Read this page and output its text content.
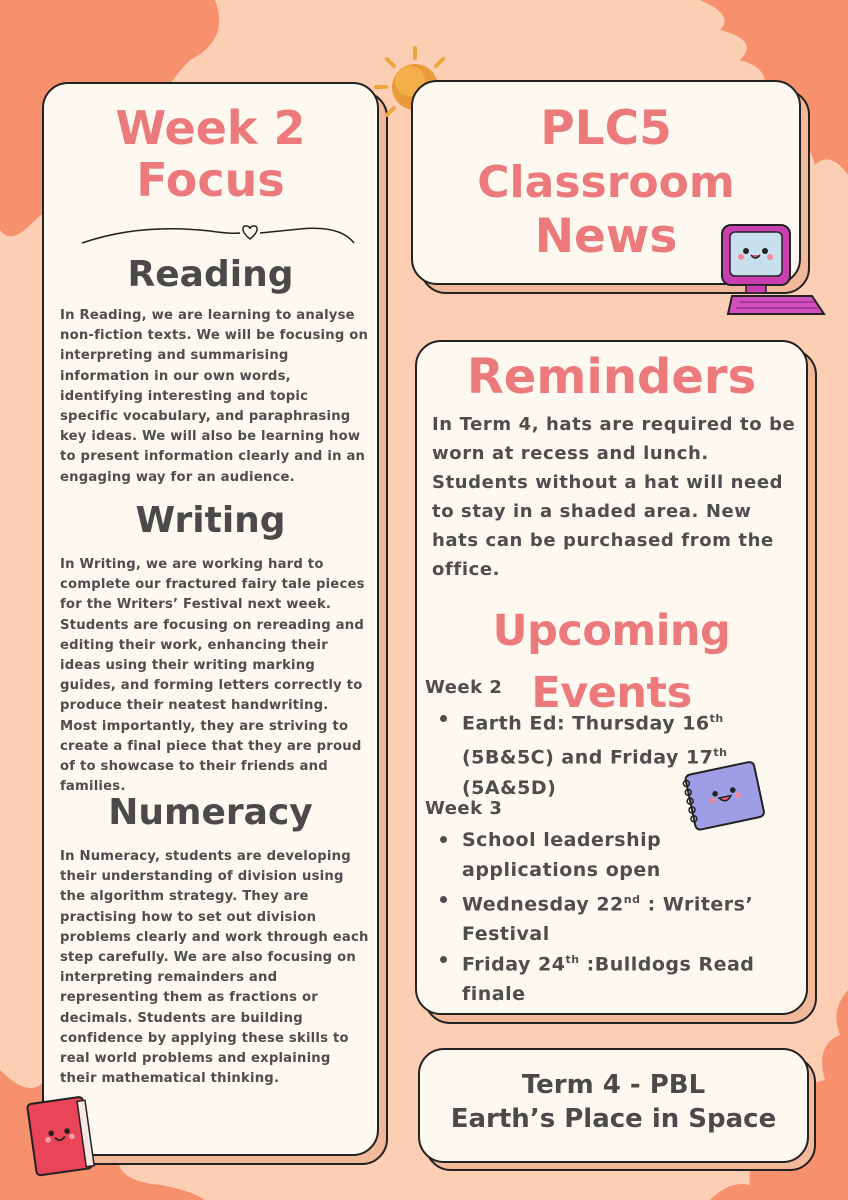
Week 2

Focus

Reading

In Reading, we are learning to analyse non-fiction texts. We will be focusing on interpreting and summarising information in our own words, identifying interesting and topic specific vocabulary, and paraphrasing key ideas. We will also be learning how to present information clearly and in an engaging way for an audience.

Writing

In Writing, we are working hard to complete our fractured fairy tale pieces for the Writers’ Festival next week. Students are focusing on rereading and editing their work, enhancing their ideas using their writing marking guides, and forming letters correctly to produce their neatest handwriting. Most importantly, they are striving to create a final piece that they are proud of to showcase to their friends and families.

Numeracy

In Numeracy, students are developing their understanding of division using the algorithm strategy. They are practising how to set out division problems clearly and work through each step carefully. We are also focusing on interpreting remainders and representing them as fractions or decimals. Students are building confidence by applying these skills to real world problems and explaining their mathematical thinking.

PLC5

Classroom

News

Reminders

In Term 4, hats are required to be worn at recess and lunch. Students without a hat will need to stay in a shaded area. New hats can be purchased from the office.

Upcoming Events
Week 2
Earth Ed: Thursday 16th
(5B&5C) and Friday 17th
(5A&5D)
Week 3
School leadership
applications open
Wednesday 22nd : Writers’
Festival
Friday 24th :Bulldogs Read
finale

Term 4 - PBL

Earth’s Place in Space
